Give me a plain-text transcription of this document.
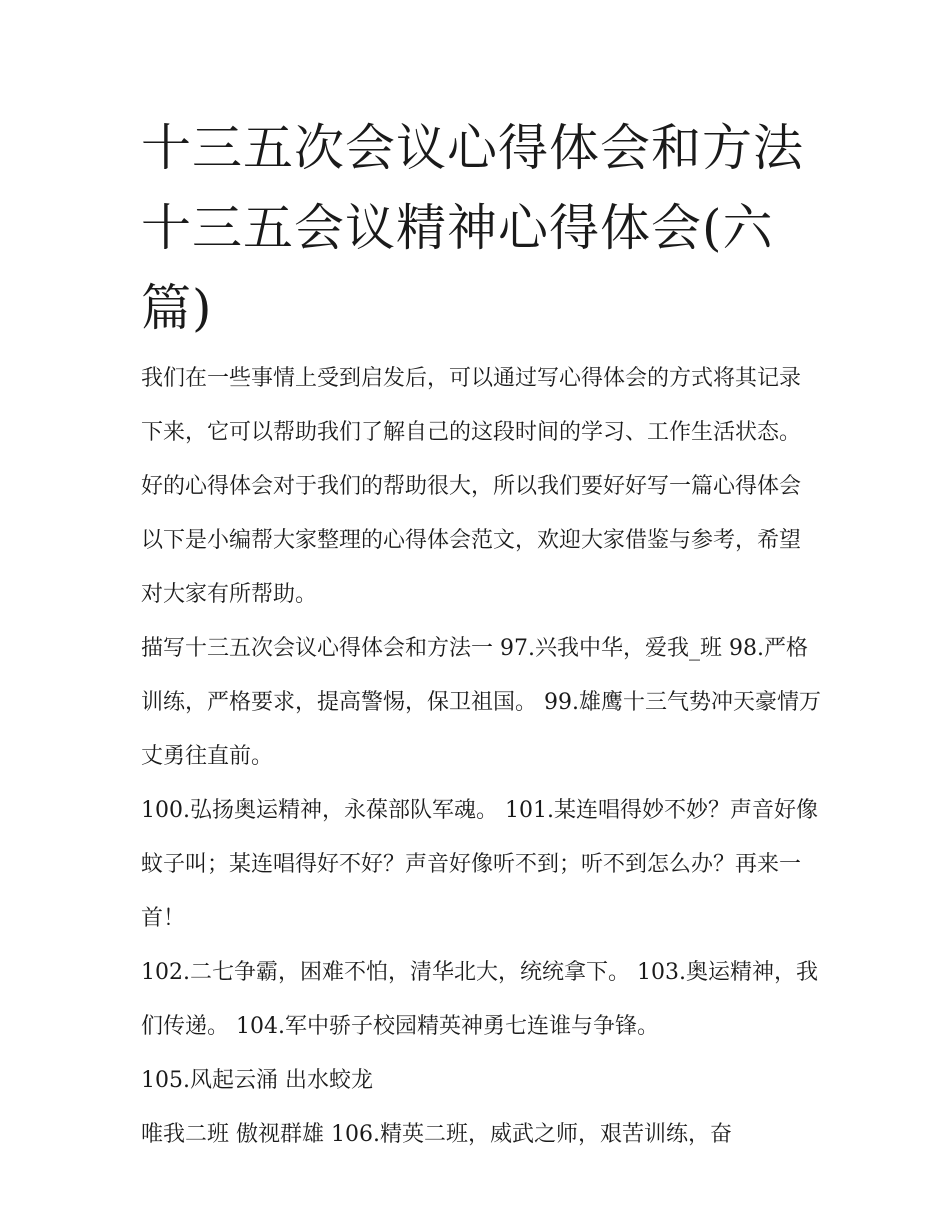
十三五次会议心得体会和方法十三五会议精神心得体会(六篇)

我们在一些事情上受到启发后，可以通过写心得体会的方式将其记录下来，它可以帮助我们了解自己的这段时间的学习、工作生活状态。好的心得体会对于我们的帮助很大，所以我们要好好写一篇心得体会以下是小编帮大家整理的心得体会范文，欢迎大家借鉴与参考，希望对大家有所帮助。

描写十三五次会议心得体会和方法一 97.兴我中华，爱我_班 98.严格训练，严格要求，提高警惕，保卫祖国。 99.雄鹰十三气势冲天豪情万丈勇往直前。

100.弘扬奥运精神，永葆部队军魂。 101.某连唱得妙不妙？声音好像蚊子叫；某连唱得好不好？声音好像听不到；听不到怎么办？再来一首！

102.二七争霸，困难不怕，清华北大，统统拿下。 103.奥运精神，我们传递。 104.军中骄子校园精英神勇七连谁与争锋。

105.风起云涌 出水蛟龙

唯我二班 傲视群雄 106.精英二班，威武之师，艰苦训练，奋
